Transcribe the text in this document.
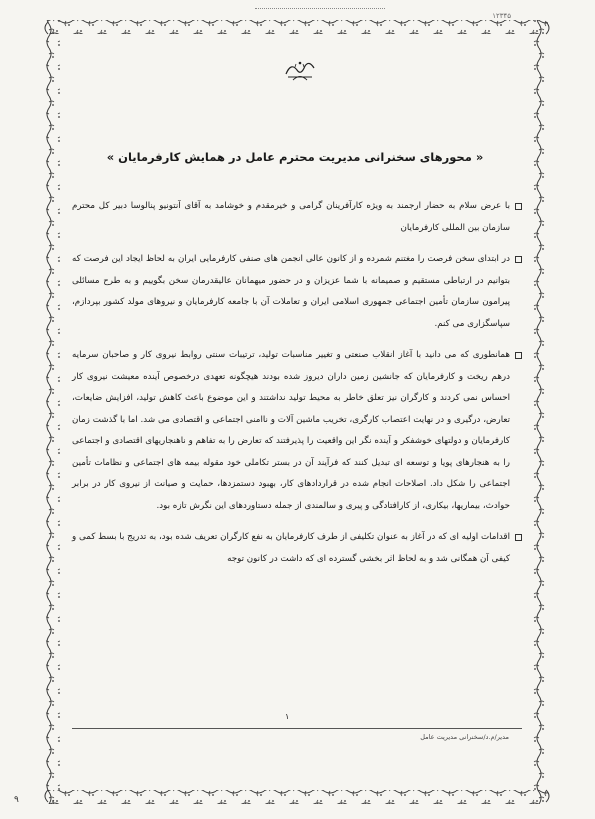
۱۲۳۴۵
« محورهای سخنرانی مدیریت محترم عامل در همایش کارفرمایان »

با عرض سلام به حضار ارجمند به ویژه کارآفرینان گرامی و خیرمقدم و خوشامد به آقای آنتونیو پنالوسا دبیر کل محترم سازمان بین المللی کارفرمایان

در ابتدای سخن فرصت را مغتنم شمرده و از کانون عالی انجمن های صنفی کارفرمایی ایران به لحاظ ایجاد این فرصت که بتوانیم در ارتباطی مستقیم و صمیمانه با شما عزیزان و در حضور میهمانان عالیقدرمان سخن بگوییم و به طرح مسائلی پیرامون سازمان تأمین اجتماعی جمهوری اسلامی ایران و تعاملات آن با جامعه کارفرمایان و نیروهای مولد کشور بپردازم، سپاسگزاری می کنم.

همانطوری که می دانید با آغاز انقلاب صنعتی و تغییر مناسبات تولید، ترتیبات سنتی روابط نیروی کار و صاحبان سرمایه درهم ریخت و کارفرمایان که جانشین زمین داران دیروز شده بودند هیچگونه تعهدی درخصوص آینده معیشت نیروی کار احساس نمی کردند و کارگران نیز تعلق خاطر به محیط تولید نداشتند و این موضوع باعث کاهش تولید، افزایش ضایعات، تعارض، درگیری و در نهایت اعتصاب کارگری، تخریب ماشین آلات و ناامنی اجتماعی و اقتصادی می شد. اما با گذشت زمان کارفرمایان و دولتهای خوشفکر و آینده نگر این واقعیت را پذیرفتند که تعارض را به تفاهم و ناهنجاریهای اقتصادی و اجتماعی را به هنجارهای پویا و توسعه ای تبدیل کنند که فرآیند آن در بستر تکاملی خود مقوله بیمه های اجتماعی و نظامات تأمین اجتماعی را شکل داد. اصلاحات انجام شده در قراردادهای کار، بهبود دستمزدها، حمایت و صیانت از نیروی کار در برابر حوادث، بیماریها، بیکاری، از کارافتادگی و پیری و سالمندی از جمله دستاوردهای این نگرش تازه بود.

اقدامات اولیه ای که در آغاز به عنوان تکلیفی از طرف کارفرمایان به نفع کارگران تعریف شده بود، به تدریج با بسط کمی و کیفی آن همگانی شد و به لحاظ اثر بخشی گسترده ای که داشت در کانون توجه

۱
مدیر/م.د/سخنرانی مدیریت عامل
۹
